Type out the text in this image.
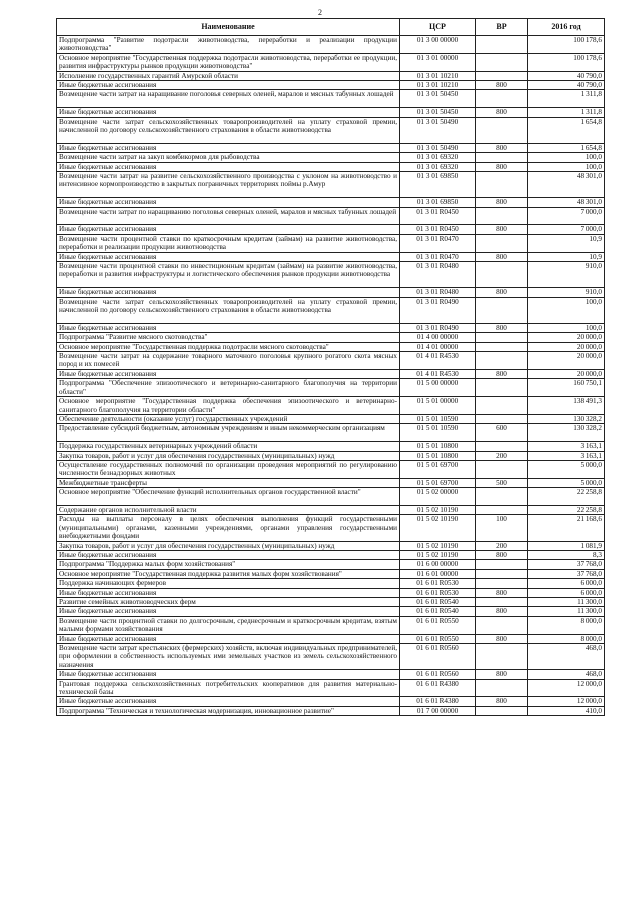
2
Наименование	ЦСР	ВР	2016 год
Подпрограмма "Развитие подотрасли животноводства, переработки и реализации продукции животноводства"	01 3 00 00000		100 178,6
Основное мероприятие "Государственная поддержка подотрасли животноводства, переработки ее продукции, развития инфраструктуры рынков продукции животноводства"	01 3 01 00000		100 178,6
Исполнение государственных гарантий Амурской области	01 3 01 10210		40 790,0
Иные бюджетные ассигнования	01 3 01 10210	800	40 790,0
Возмещение части затрат на наращивание поголовья северных оленей, маралов и мясных табунных лошадей	01 3 01 50450		1 311,8
Иные бюджетные ассигнования	01 3 01 50450	800	1 311,8
Возмещение части затрат сельскохозяйственных товаропроизводителей на уплату страховой премии, начисленной по договору сельскохозяйственного страхования в области животноводства	01 3 01 50490		1 654,8
Иные бюджетные ассигнования	01 3 01 50490	800	1 654,8
Возмещение части затрат на закуп комбикормов для рыбоводства	01 3 01 69320		100,0
Иные бюджетные ассигнования	01 3 01 69320	800	100,0
Возмещение части затрат на развитие сельскохозяйственного производства с уклоном на животноводство и интенсивное кормопроизводство в закрытых пограничных территориях поймы р.Амур	01 3 01 69850		48 301,0
Иные бюджетные ассигнования	01 3 01 69850	800	48 301,0
Возмещение части затрат по наращиванию поголовья северных оленей, маралов и мясных табунных лошадей	01 3 01 R0450		7 000,0
Иные бюджетные ассигнования	01 3 01 R0450	800	7 000,0
Возмещение части процентной ставки по краткосрочным кредитам (займам) на развитие животноводства, переработки и реализации продукции животноводства	01 3 01 R0470		10,9
Иные бюджетные ассигнования	01 3 01 R0470	800	10,9
Возмещение части процентной ставки по инвестиционным кредитам (займам) на развитие животноводства, переработки и развития инфраструктуры и логистического обеспечения рынков продукции животноводства	01 3 01 R0480		910,0
Иные бюджетные ассигнования	01 3 01 R0480	800	910,0
Возмещение части затрат сельскохозяйственных товаропроизводителей на уплату страховой премии, начисленной по договору сельскохозяйственного страхования в области животноводства	01 3 01 R0490		100,0
Иные бюджетные ассигнования	01 3 01 R0490	800	100,0
Подпрограмма "Развитие мясного скотоводства"	01 4 00 00000		20 000,0
Основное мероприятие "Государственная поддержка подотрасли мясного скотоводства"	01 4 01 00000		20 000,0
Возмещение части затрат на содержание товарного маточного поголовья крупного рогатого скота мясных пород и их помесей	01 4 01 R4530		20 000,0
Иные бюджетные ассигнования	01 4 01 R4530	800	20 000,0
Подпрограмма "Обеспечение эпизоотического и ветеринарно-санитарного благополучия на территории области"	01 5 00 00000		160 750,1
Основное мероприятие "Государственная поддержка обеспечения эпизоотического и ветеринарно-санитарного благополучия на территории области"	01 5 01 00000		138 491,3
Обеспечение деятельности (оказание услуг) государственных учреждений	01 5 01 10590		130 328,2
Предоставление субсидий бюджетным, автономным учреждениям и иным некоммерческим организациям	01 5 01 10590	600	130 328,2
Поддержка государственных ветеринарных учреждений области	01 5 01 10800		3 163,1
Закупка товаров, работ и услуг для обеспечения государственных (муниципальных) нужд	01 5 01 10800	200	3 163,1
Осуществление государственных полномочий по организации проведения мероприятий по регулированию численности безнадзорных животных	01 5 01 69700		5 000,0
Межбюджетные трансферты	01 5 01 69700	500	5 000,0
Основное мероприятие "Обеспечение функций исполнительных органов государственной власти"	01 5 02 00000		22 258,8
Содержание органов исполнительной власти	01 5 02 10190		22 258,8
Расходы на выплаты персоналу в целях обеспечения выполнения функций государственными (муниципальными) органами, казенными учреждениями, органами управления государственными внебюджетными фондами	01 5 02 10190	100	21 168,6
Закупка товаров, работ и услуг для обеспечения государственных (муниципальных) нужд	01 5 02 10190	200	1 081,9
Иные бюджетные ассигнования	01 5 02 10190	800	8,3
Подпрограмма "Поддержка малых форм хозяйствования"	01 6 00 00000		37 768,0
Основное мероприятие "Государственная поддержка развития малых форм хозяйствования"	01 6 01 00000		37 768,0
Поддержка начинающих фермеров	01 6 01 R0530		6 000,0
Иные бюджетные ассигнования	01 6 01 R0530	800	6 000,0
Развитие семейных животноводческих ферм	01 6 01 R0540		11 300,0
Иные бюджетные ассигнования	01 6 01 R0540	800	11 300,0
Возмещение части процентной ставки по долгосрочным, среднесрочным и краткосрочным кредитам, взятым малыми формами хозяйствования	01 6 01 R0550		8 000,0
Иные бюджетные ассигнования	01 6 01 R0550	800	8 000,0
Возмещение части затрат крестьянских (фермерских) хозяйств, включая индивидуальных предпринимателей, при оформлении в собственность используемых ими земельных участков из земель сельскохозяйственного назначения	01 6 01 R0560		468,0
Иные бюджетные ассигнования	01 6 01 R0560	800	468,0
Грантовая поддержка сельскохозяйственных потребительских кооперативов для развития материально-технической базы	01 6 01 R4380		12 000,0
Иные бюджетные ассигнования	01 6 01 R4380	800	12 000,0
Подпрограмма "Техническая и технологическая модернизация, инновационное развитие"	01 7 00 00000		410,0
